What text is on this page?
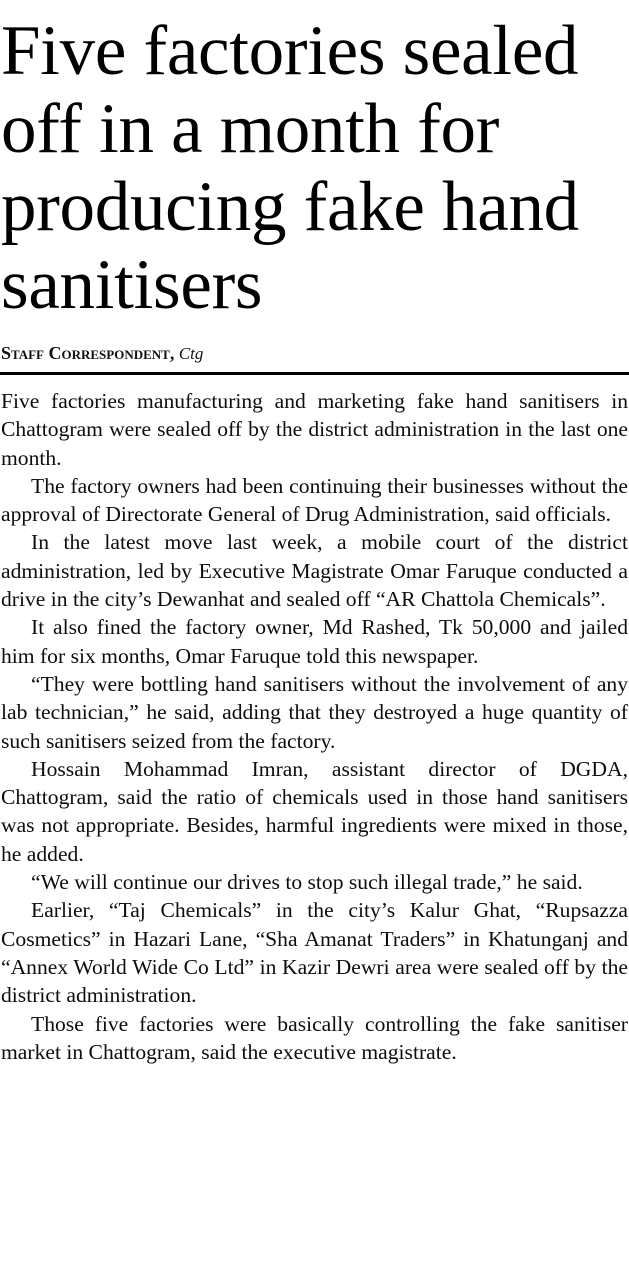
Five factories sealed off in a month for producing fake hand sanitisers
Staff Correspondent, Ctg

Five factories manufacturing and marketing fake hand sanitisers in Chattogram were sealed off by the district administration in the last one month.

The factory owners had been continuing their businesses without the approval of Directorate General of Drug Administration, said officials.

In the latest move last week, a mobile court of the district administration, led by Executive Magistrate Omar Faruque conducted a drive in the city’s Dewanhat and sealed off “AR Chattola Chemicals”.

It also fined the factory owner, Md Rashed, Tk 50,000 and jailed him for six months, Omar Faruque told this newspaper.

“They were bottling hand sanitisers without the involvement of any lab technician,” he said, adding that they destroyed a huge quantity of such sanitisers seized from the factory.

Hossain Mohammad Imran, assistant director of DGDA, Chattogram, said the ratio of chemicals used in those hand sanitisers was not appropriate. Besides, harmful ingredients were mixed in those, he added.

“We will continue our drives to stop such illegal trade,” he said.

Earlier, “Taj Chemicals” in the city’s Kalur Ghat, “Rupsazza Cosmetics” in Hazari Lane, “Sha Amanat Traders” in Khatunganj and “Annex World Wide Co Ltd” in Kazir Dewri area were sealed off by the district administration.

Those five factories were basically controlling the fake sanitiser market in Chattogram, said the executive magistrate.
